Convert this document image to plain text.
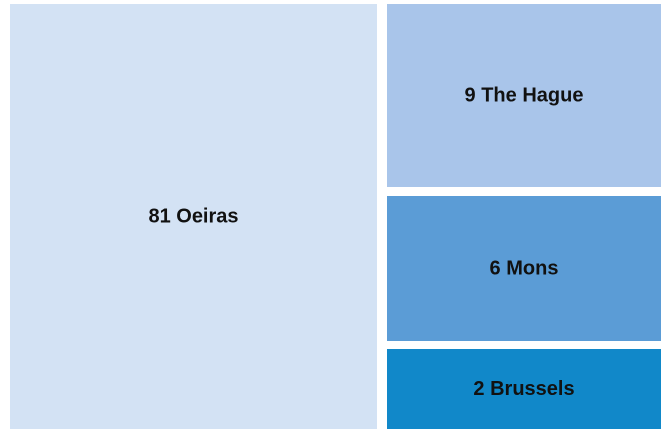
81 Oeiras
9 The Hague
6 Mons
2 Brussels
